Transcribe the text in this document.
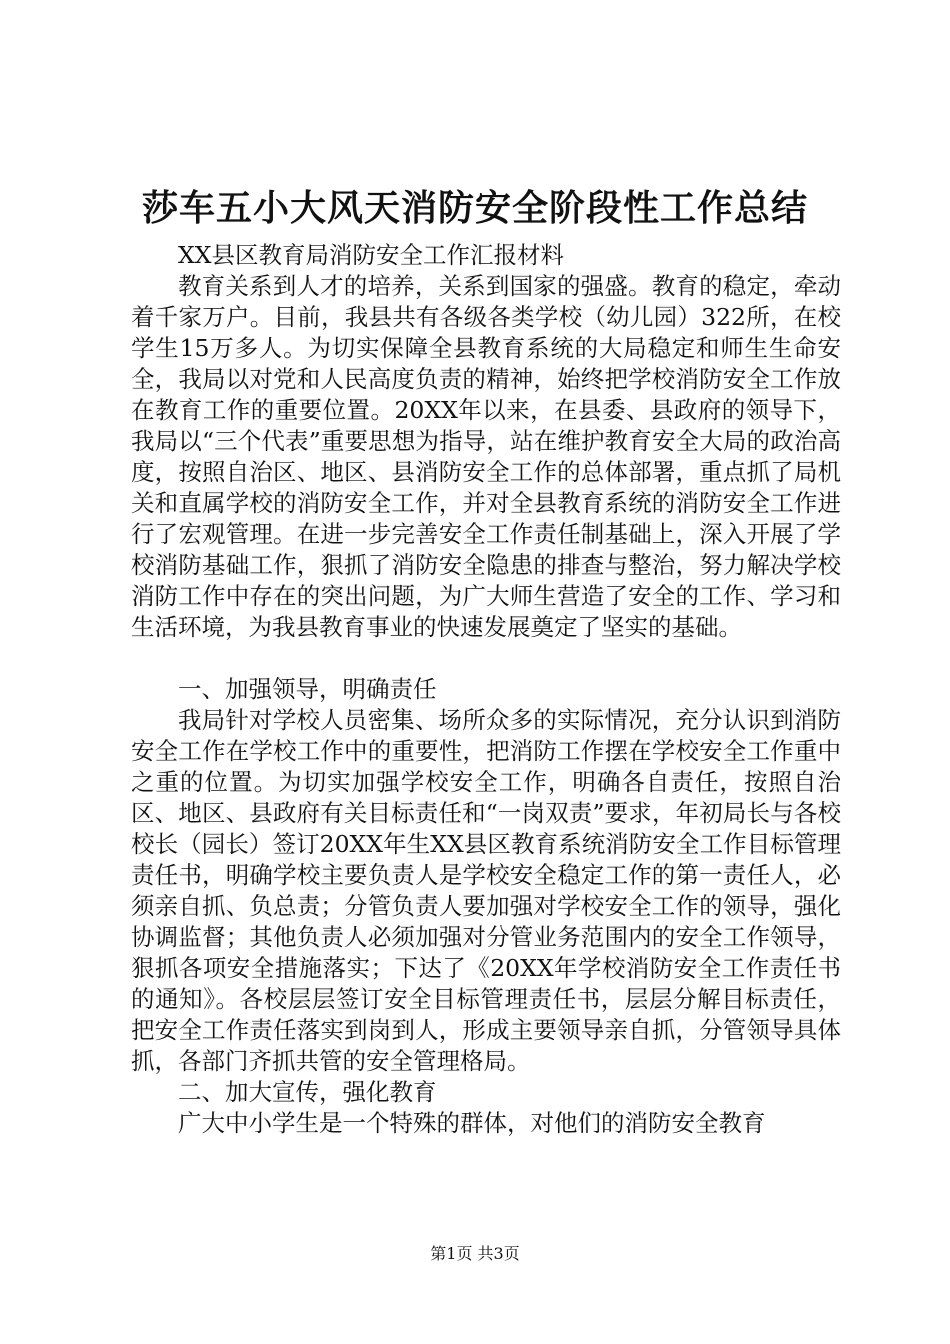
莎车五小大风天消防安全阶段性工作总结

XX县区教育局消防安全工作汇报材料

教育关系到人才的培养，关系到国家的强盛。教育的稳定，牵动着千家万户。目前，我县共有各级各类学校（幼儿园）322所，在校学生15万多人。为切实保障全县教育系统的大局稳定和师生生命安全，我局以对党和人民高度负责的精神，始终把学校消防安全工作放在教育工作的重要位置。20XX年以来，在县委、县政府的领导下，我局以“三个代表”重要思想为指导，站在维护教育安全大局的政治高度，按照自治区、地区、县消防安全工作的总体部署，重点抓了局机关和直属学校的消防安全工作，并对全县教育系统的消防安全工作进行了宏观管理。在进一步完善安全工作责任制基础上，深入开展了学校消防基础工作，狠抓了消防安全隐患的排查与整治，努力解决学校消防工作中存在的突出问题，为广大师生营造了安全的工作、学习和生活环境，为我县教育事业的快速发展奠定了坚实的基础。

一、加强领导，明确责任

我局针对学校人员密集、场所众多的实际情况，充分认识到消防安全工作在学校工作中的重要性，把消防工作摆在学校安全工作重中之重的位置。为切实加强学校安全工作，明确各自责任，按照自治区、地区、县政府有关目标责任和“一岗双责”要求，年初局长与各校校长（园长）签订20XX年生XX县区教育系统消防安全工作目标管理责任书，明确学校主要负责人是学校安全稳定工作的第一责任人，必须亲自抓、负总责；分管负责人要加强对学校安全工作的领导，强化协调监督；其他负责人必须加强对分管业务范围内的安全工作领导，狠抓各项安全措施落实；下达了《20XX年学校消防安全工作责任书的通知》。各校层层签订安全目标管理责任书，层层分解目标责任，把安全工作责任落实到岗到人，形成主要领导亲自抓，分管领导具体抓，各部门齐抓共管的安全管理格局。

二、加大宣传，强化教育

广大中小学生是一个特殊的群体，对他们的消防安全教育

第1页 共3页
